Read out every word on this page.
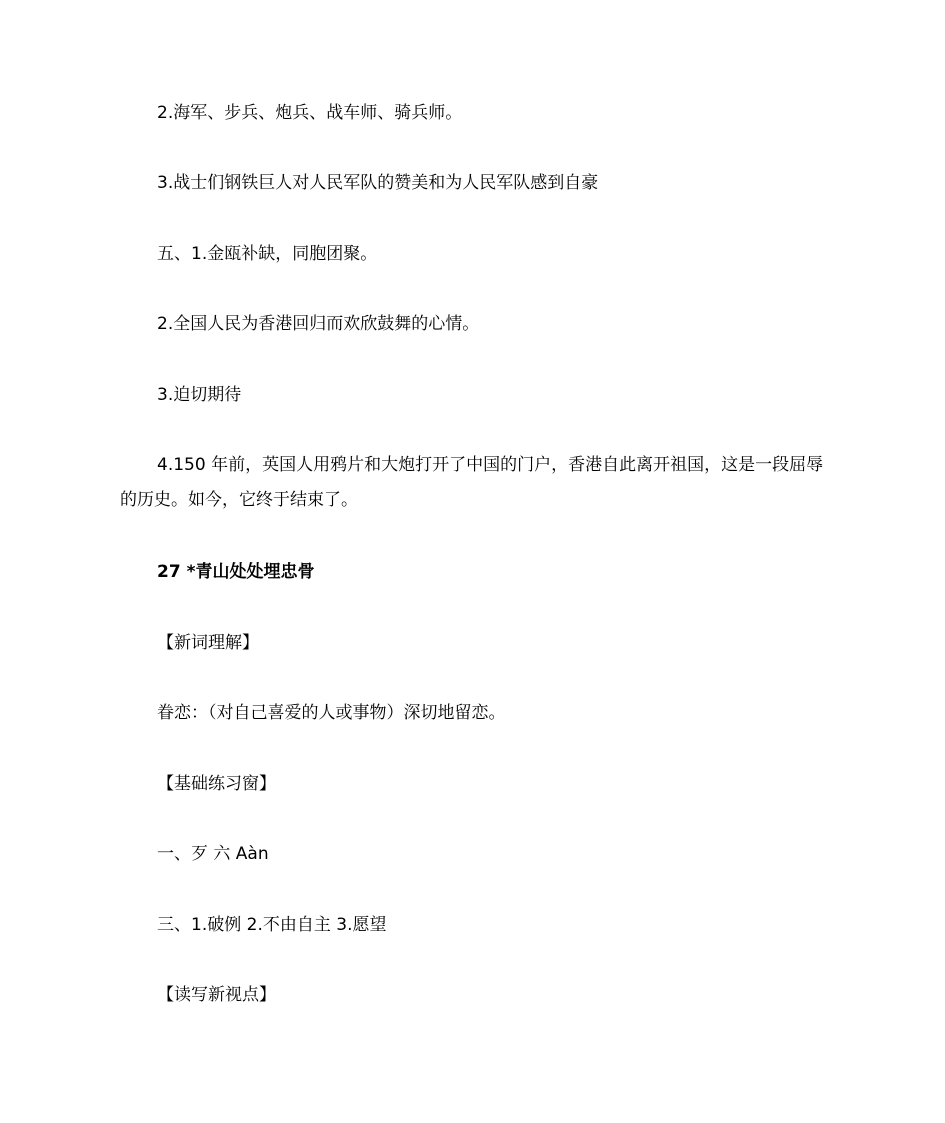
2.海军、步兵、炮兵、战车师、骑兵师。
3.战士们钢铁巨人对人民军队的赞美和为人民军队感到自豪
五、1.金瓯补缺，同胞团聚。
2.全国人民为香港回归而欢欣鼓舞的心情。
3.迫切期待
4.150 年前，英国人用鸦片和大炮打开了中国的门户，香港自此离开祖国，这是一段屈辱的历史。如今，它终于结束了。
27 *青山处处埋忠骨
【新词理解】
眷恋：（对自己喜爱的人或事物）深切地留恋。
【基础练习窗】
一、歹 六 Aàn
三、1.破例 2.不由自主 3.愿望
【读写新视点】
